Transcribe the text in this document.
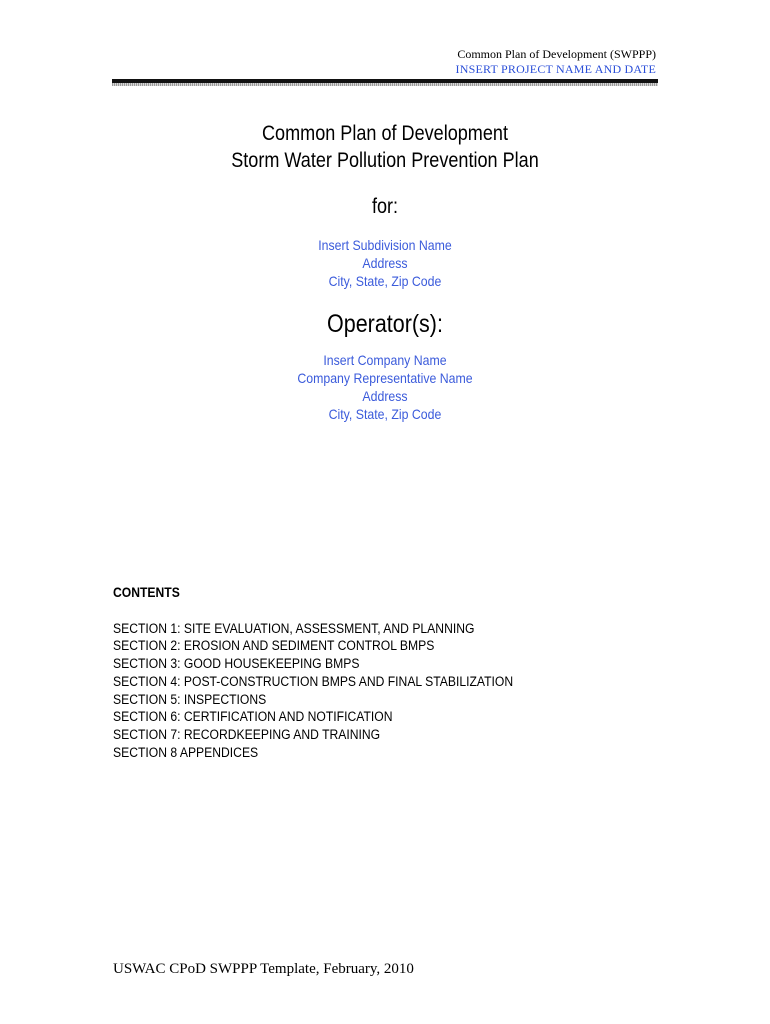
Common Plan of Development (SWPPP)
INSERT PROJECT NAME AND DATE
Common Plan of Development
Storm Water Pollution Prevention Plan
for:
Insert Subdivision Name
Address
City, State, Zip Code
Operator(s):
Insert Company Name
Company Representative Name
Address
City, State, Zip Code
CONTENTS
SECTION 1: SITE EVALUATION, ASSESSMENT, AND PLANNING
SECTION 2: EROSION AND SEDIMENT CONTROL BMPS
SECTION 3: GOOD HOUSEKEEPING BMPS
SECTION 4: POST-CONSTRUCTION BMPS AND FINAL STABILIZATION
SECTION 5: INSPECTIONS
SECTION 6: CERTIFICATION AND NOTIFICATION
SECTION 7: RECORDKEEPING AND TRAINING
SECTION 8 APPENDICES
USWAC CPoD SWPPP Template, February, 2010
